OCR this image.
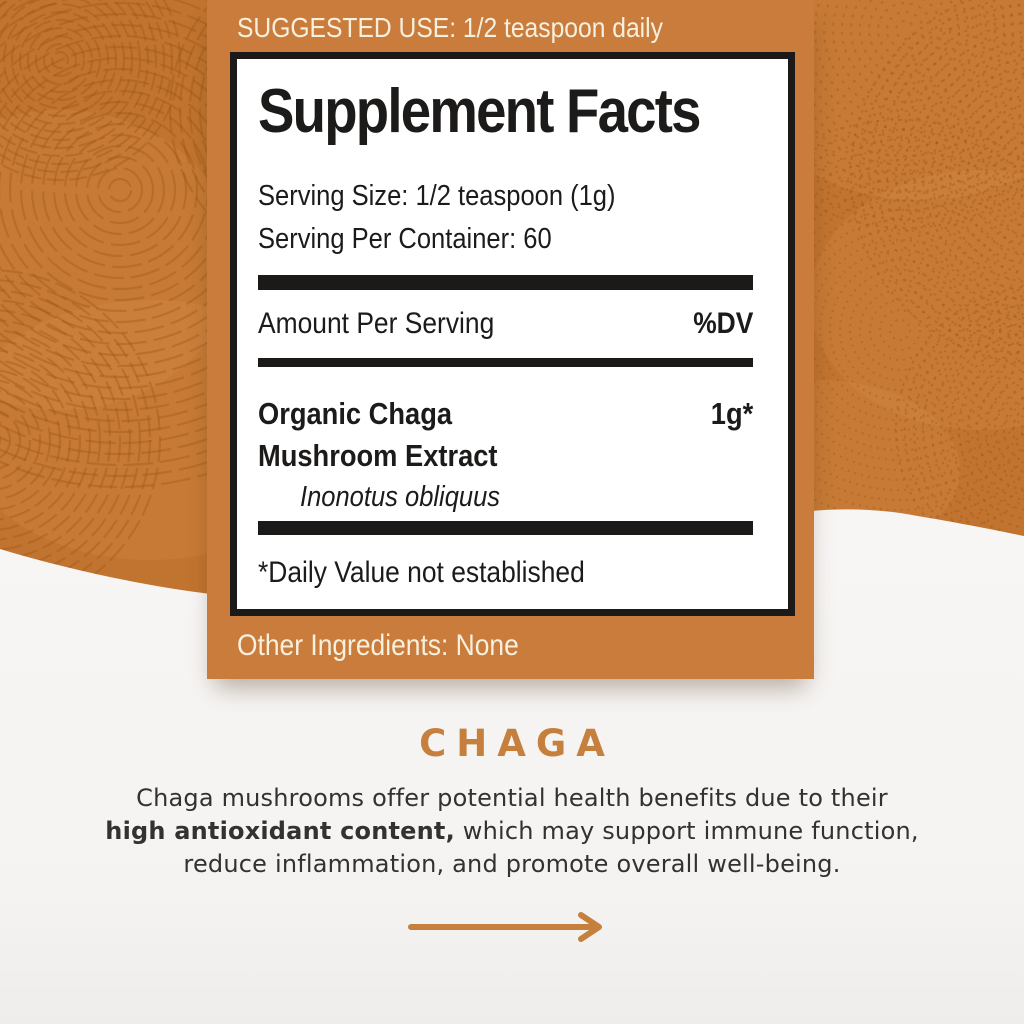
SUGGESTED USE: 1/2 teaspoon daily
Supplement Facts
Serving Size: 1/2 teaspoon (1g)
Serving Per Container: 60
Amount Per Serving	%DV
Organic Chaga	1g*
Mushroom Extract
Inonotus obliquus
*Daily Value not established
Other Ingredients: None
CHAGA
Chaga mushrooms offer potential health benefits due to their
high antioxidant content, which may support immune function,
reduce inflammation, and promote overall well-being.
